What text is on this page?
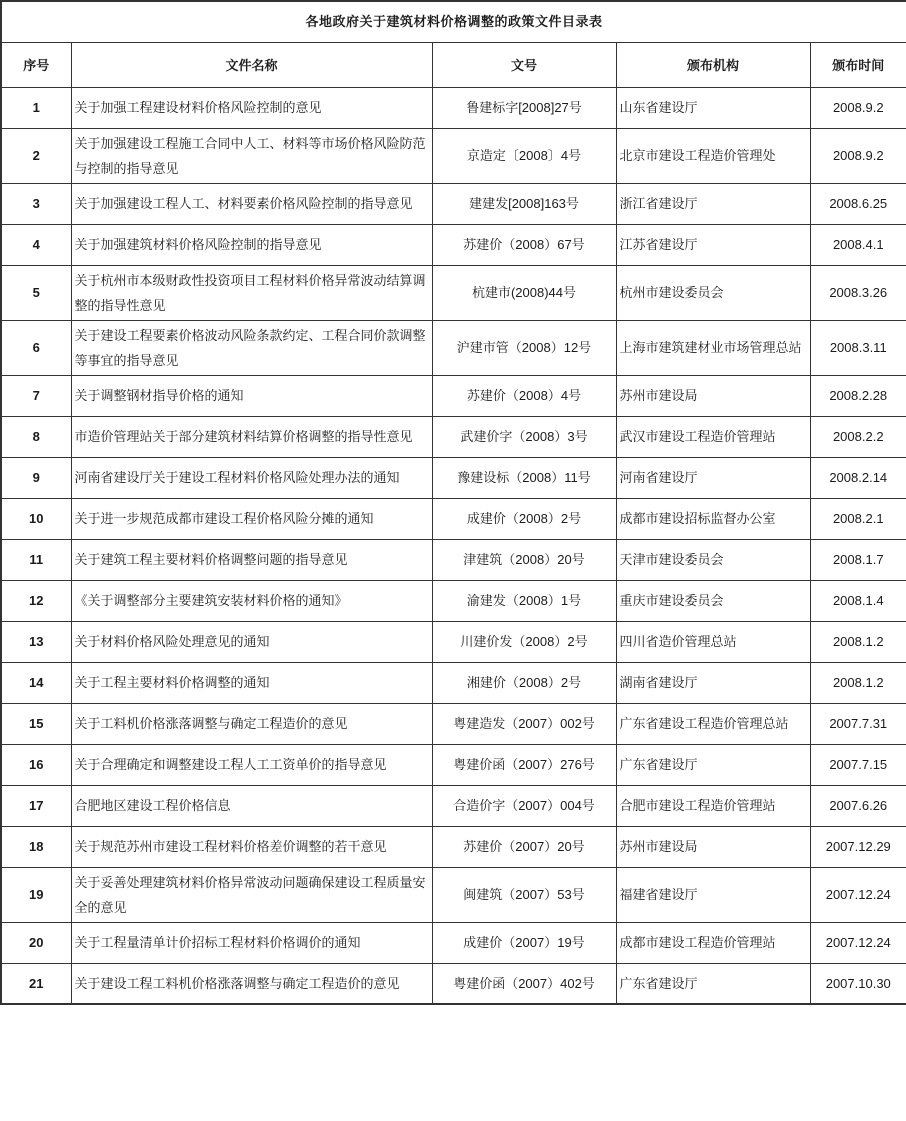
各地政府关于建筑材料价格调整的政策文件目录表				
序号	文件名称	文号	颁布机构	颁布时间
1	关于加强工程建设材料价格风险控制的意见	鲁建标字[2008]27号	山东省建设厅	2008.9.2
2	关于加强建设工程施工合同中人工、材料等市场价格风险防范与控制的指导意见	京造定〔2008〕4号	北京市建设工程造价管理处	2008.9.2
3	关于加强建设工程人工、材料要素价格风险控制的指导意见	建建发[2008]163号	浙江省建设厅	2008.6.25
4	关于加强建筑材料价格风险控制的指导意见	苏建价（2008）67号	江苏省建设厅	2008.4.1
5	关于杭州市本级财政性投资项目工程材料价格异常波动结算调整的指导性意见	杭建市(2008)44号	杭州市建设委员会	2008.3.26
6	关于建设工程要素价格波动风险条款约定、工程合同价款调整等事宜的指导意见	沪建市管（2008）12号	上海市建筑建材业市场管理总站	2008.3.11
7	关于调整钢材指导价格的通知	苏建价（2008）4号	苏州市建设局	2008.2.28
8	市造价管理站关于部分建筑材料结算价格调整的指导性意见	武建价字（2008）3号	武汉市建设工程造价管理站	2008.2.2
9	河南省建设厅关于建设工程材料价格风险处理办法的通知	豫建设标（2008）11号	河南省建设厅	2008.2.14
10	关于进一步规范成都市建设工程价格风险分摊的通知	成建价（2008）2号	成都市建设招标监督办公室	2008.2.1
11	关于建筑工程主要材料价格调整问题的指导意见	津建筑（2008）20号	天津市建设委员会	2008.1.7
12	《关于调整部分主要建筑安装材料价格的通知》	渝建发（2008）1号	重庆市建设委员会	2008.1.4
13	关于材料价格风险处理意见的通知	川建价发（2008）2号	四川省造价管理总站	2008.1.2
14	关于工程主要材料价格调整的通知	湘建价（2008）2号	湖南省建设厅	2008.1.2
15	关于工料机价格涨落调整与确定工程造价的意见	粤建造发（2007）002号	广东省建设工程造价管理总站	2007.7.31
16	关于合理确定和调整建设工程人工工资单价的指导意见	粤建价函（2007）276号	广东省建设厅	2007.7.15
17	合肥地区建设工程价格信息	合造价字（2007）004号	合肥市建设工程造价管理站	2007.6.26
18	关于规范苏州市建设工程材料价格差价调整的若干意见	苏建价（2007）20号	苏州市建设局	2007.12.29
19	关于妥善处理建筑材料价格异常波动问题确保建设工程质量安全的意见	闽建筑（2007）53号	福建省建设厅	2007.12.24
20	关于工程量清单计价招标工程材料价格调价的通知	成建价（2007）19号	成都市建设工程造价管理站	2007.12.24
21	关于建设工程工料机价格涨落调整与确定工程造价的意见	粤建价函（2007）402号	广东省建设厅	2007.10.30
